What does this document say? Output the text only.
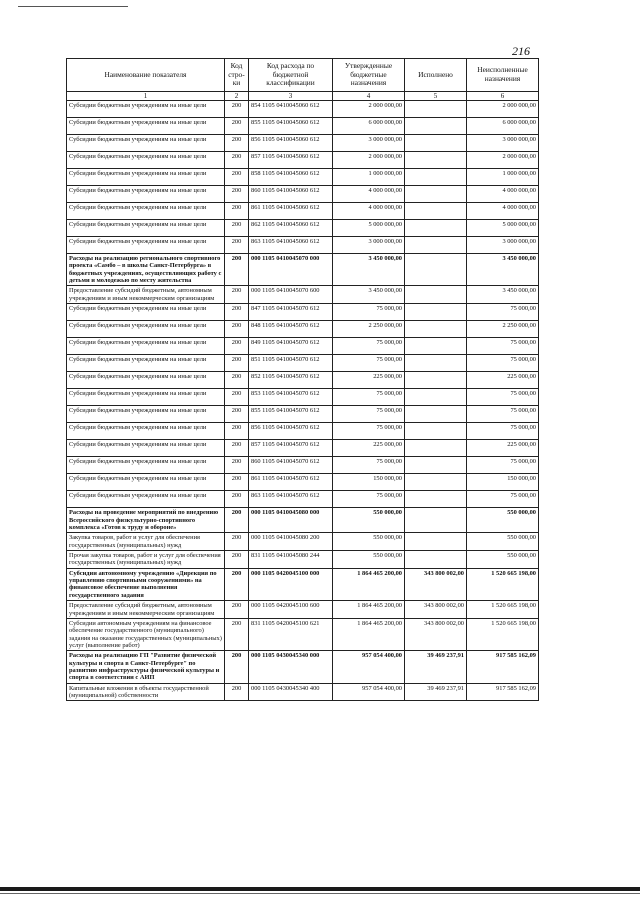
216
Наименование показателя	Код стро-ки	Код расхода по бюджетной классификации	Утвержденные бюджетные назначения	Исполнено	Неисполненные назначения
1	2	3	4	5	6
Субсидии бюджетным учреждениям на иные цели	200	854 1105 0410045060 612	2 000 000,00		2 000 000,00
Субсидии бюджетным учреждениям на иные цели	200	855 1105 0410045060 612	6 000 000,00		6 000 000,00
Субсидии бюджетным учреждениям на иные цели	200	856 1105 0410045060 612	3 000 000,00		3 000 000,00
Субсидии бюджетным учреждениям на иные цели	200	857 1105 0410045060 612	2 000 000,00		2 000 000,00
Субсидии бюджетным учреждениям на иные цели	200	858 1105 0410045060 612	1 000 000,00		1 000 000,00
Субсидии бюджетным учреждениям на иные цели	200	860 1105 0410045060 612	4 000 000,00		4 000 000,00
Субсидии бюджетным учреждениям на иные цели	200	861 1105 0410045060 612	4 000 000,00		4 000 000,00
Субсидии бюджетным учреждениям на иные цели	200	862 1105 0410045060 612	5 000 000,00		5 000 000,00
Субсидии бюджетным учреждениям на иные цели	200	863 1105 0410045060 612	3 000 000,00		3 000 000,00
Расходы на реализацию регионального спортивного проекта «Самбо – в школы Санкт-Петербурга» в бюджетных учреждениях, осуществляющих работу с детьми и молодежью по месту жительства	200	000 1105 0410045070 000	3 450 000,00		3 450 000,00
Предоставление субсидий бюджетным, автономным учреждениям и иным некоммерческим организациям	200	000 1105 0410045070 600	3 450 000,00		3 450 000,00
Субсидии бюджетным учреждениям на иные цели	200	847 1105 0410045070 612	75 000,00		75 000,00
Субсидии бюджетным учреждениям на иные цели	200	848 1105 0410045070 612	2 250 000,00		2 250 000,00
Субсидии бюджетным учреждениям на иные цели	200	849 1105 0410045070 612	75 000,00		75 000,00
Субсидии бюджетным учреждениям на иные цели	200	851 1105 0410045070 612	75 000,00		75 000,00
Субсидии бюджетным учреждениям на иные цели	200	852 1105 0410045070 612	225 000,00		225 000,00
Субсидии бюджетным учреждениям на иные цели	200	853 1105 0410045070 612	75 000,00		75 000,00
Субсидии бюджетным учреждениям на иные цели	200	855 1105 0410045070 612	75 000,00		75 000,00
Субсидии бюджетным учреждениям на иные цели	200	856 1105 0410045070 612	75 000,00		75 000,00
Субсидии бюджетным учреждениям на иные цели	200	857 1105 0410045070 612	225 000,00		225 000,00
Субсидии бюджетным учреждениям на иные цели	200	860 1105 0410045070 612	75 000,00		75 000,00
Субсидии бюджетным учреждениям на иные цели	200	861 1105 0410045070 612	150 000,00		150 000,00
Субсидии бюджетным учреждениям на иные цели	200	863 1105 0410045070 612	75 000,00		75 000,00
Расходы на проведение мероприятий по внедрению Всероссийского физкультурно-спортивного комплекса «Готов к труду и обороне»	200	000 1105 0410045080 000	550 000,00		550 000,00
Закупка товаров, работ и услуг для обеспечения государственных (муниципальных) нужд	200	000 1105 0410045080 200	550 000,00		550 000,00
Прочая закупка товаров, работ и услуг для обеспечения государственных (муниципальных) нужд	200	831 1105 0410045080 244	550 000,00		550 000,00
Субсидии автономному учреждению «Дирекция по управлению спортивными сооружениями» на финансовое обеспечение выполнения государственного задания	200	000 1105 0420045100 000	1 864 465 200,00	343 800 002,00	1 520 665 198,00
Предоставление субсидий бюджетным, автономным учреждениям и иным некоммерческим организациям	200	000 1105 0420045100 600	1 864 465 200,00	343 800 002,00	1 520 665 198,00
Субсидии автономным учреждениям на финансовое обеспечение государственного (муниципального) задания на оказание государственных (муниципальных) услуг (выполнение работ)	200	831 1105 0420045100 621	1 864 465 200,00	343 800 002,00	1 520 665 198,00
Расходы на реализацию ГП "Развитие физической культуры и спорта в Санкт-Петербурге" по развитию инфраструктуры физической культуры и спорта в соответствии с АИП	200	000 1105 0430045340 000	957 054 400,00	39 469 237,91	917 585 162,09
Капитальные вложения в объекты государственной (муниципальной) собственности	200	000 1105 0430045340 400	957 054 400,00	39 469 237,91	917 585 162,09
